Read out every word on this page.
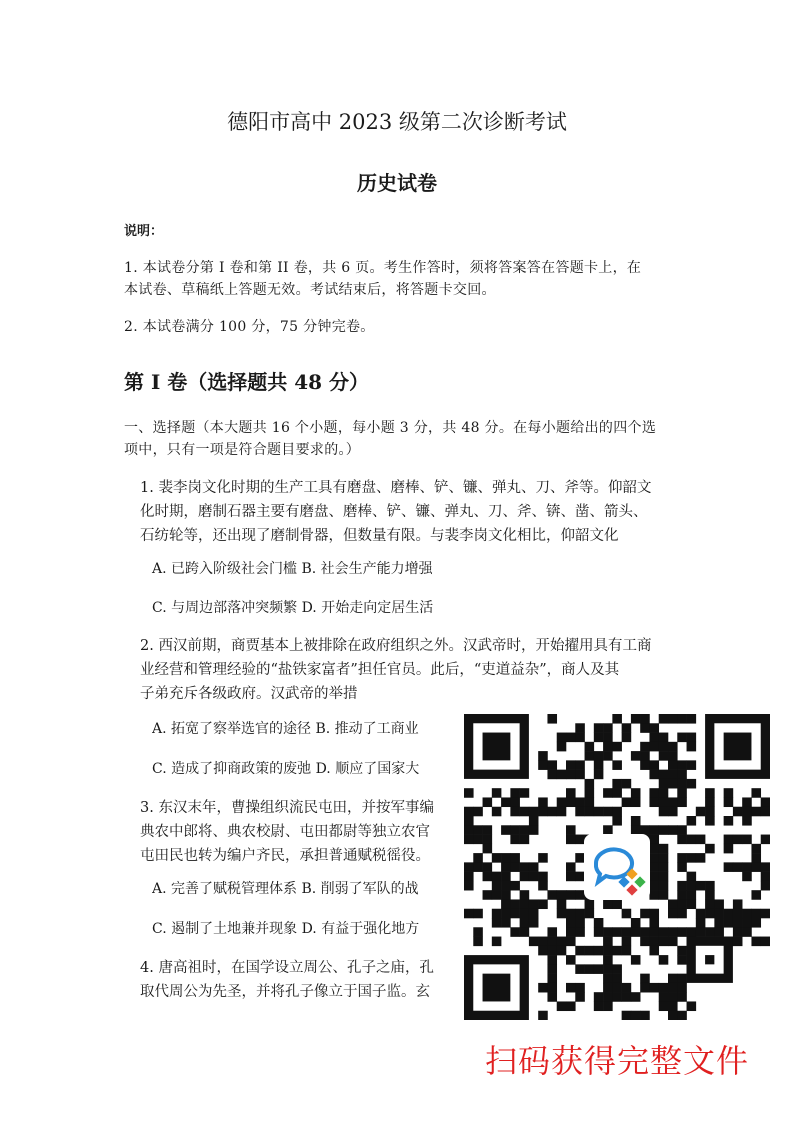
德阳市高中 2023 级第二次诊断考试
历史试卷
说明：
1. 本试卷分第 I 卷和第 II 卷，共 6 页。考生作答时，须将答案答在答题卡上，在
本试卷、草稿纸上答题无效。考试结束后，将答题卡交回。
2. 本试卷满分 100 分，75 分钟完卷。
第 I 卷（选择题共 48 分）
一、选择题（本大题共 16 个小题，每小题 3 分，共 48 分。在每小题给出的四个选
项中，只有一项是符合题目要求的。）
1. 裴李岗文化时期的生产工具有磨盘、磨棒、铲、镰、弹丸、刀、斧等。仰韶文
化时期，磨制石器主要有磨盘、磨棒、铲、镰、弹丸、刀、斧、锛、凿、箭头、
石纺轮等，还出现了磨制骨器，但数量有限。与裴李岗文化相比，仰韶文化
A. 已跨入阶级社会门槛 B. 社会生产能力增强
C. 与周边部落冲突频繁 D. 开始走向定居生活
2. 西汉前期，商贾基本上被排除在政府组织之外。汉武帝时，开始擢用具有工商
业经营和管理经验的“盐铁家富者”担任官员。此后，“吏道益杂”，商人及其
子弟充斥各级政府。汉武帝的举措
A. 拓宽了察举选官的途径 B. 推动了工商业
C. 造成了抑商政策的废弛 D. 顺应了国家大
3. 东汉末年，曹操组织流民屯田，并按军事编
典农中郎将、典农校尉、屯田都尉等独立农官
屯田民也转为编户齐民，承担普通赋税徭役。
A. 完善了赋税管理体系 B. 削弱了军队的战
C. 遏制了土地兼并现象 D. 有益于强化地方
4. 唐高祖时，在国学设立周公、孔子之庙，孔
取代周公为先圣，并将孔子像立于国子监。玄
扫码获得完整文件
